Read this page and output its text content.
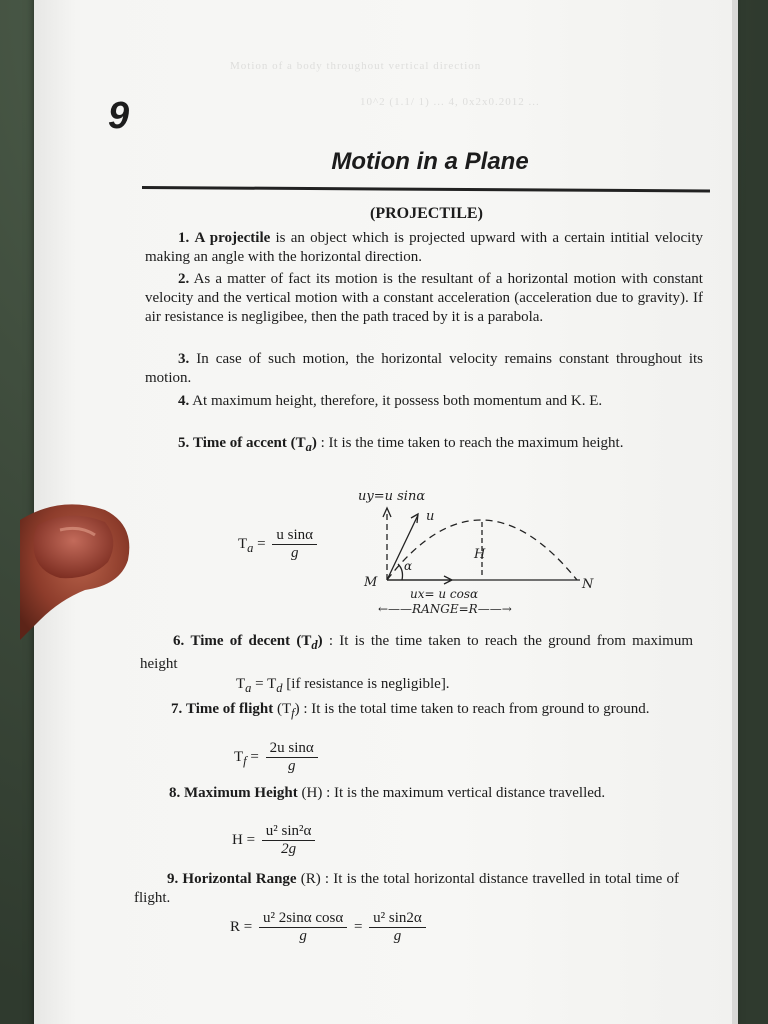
Motion of a body throughout vertical direction
10^2 (1.1/ 1) ... 4, 0x2x0.2012 ...
9
Motion in a Plane
(PROJECTILE)
1. A projectile is an object which is projected upward with a certain intitial velocity making an angle with the horizontal direction.
2. As a matter of fact its motion is the resultant of a horizontal motion with constant velocity and the vertical motion with a constant acceleration (acceleration due to gravity). If air resistance is negligibee, then the path traced by it is a parabola.
3. In case of such motion, the horizontal velocity remains constant throughout its motion.
4. At maximum height, therefore, it possess both momentum and K. E.
5. Time of accent $(T_a)$ : It is the time taken to reach the maximum height.
$T_a = \frac{\text{u sinα}}{g}$
uy=u sinα
u
α
H
M	N
ux= u cosα
←——RANGE=R——→
6. Time of decent $(T_d)$ : It is the time taken to reach the ground from maximum height
$T_a = T_d$ [if resistance is negligible].
7. Time of flight $(T_f)$ : It is the total time taken to reach from ground to ground.
$T_f = \frac{\text{2u sinα}}{g}$
8. Maximum Height (H) : It is the maximum vertical distance travelled.
$H = \frac{\text{u² sin²α}}{2g}$
9. Horizontal Range (R) : It is the total horizontal distance travelled in total time of flight.
$R = \frac{\text{u² 2sinα cosα}}{g} = \frac{\text{u² sin2α}}{g}$
